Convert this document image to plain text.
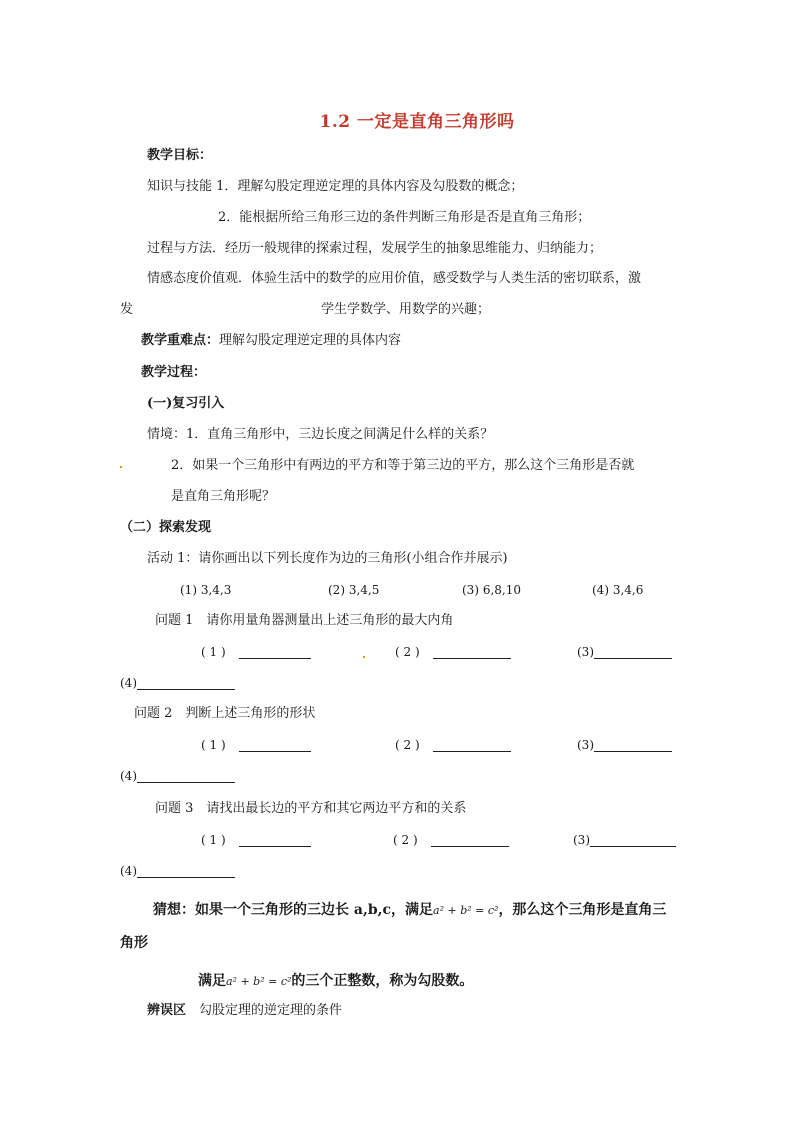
1.2 一定是直角三角形吗
教学目标：
知识与技能 1．理解勾股定理逆定理的具体内容及勾股数的概念；
2．能根据所给三角形三边的条件判断三角形是否是直角三角形；
过程与方法．经历一般规律的探索过程，发展学生的抽象思维能力、归纳能力；
情感态度价值观．体验生活中的数学的应用价值，感受数学与人类生活的密切联系，激
发	学生学数学、用数学的兴趣；
教学重难点：理解勾股定理逆定理的具体内容
教学过程：
(一)复习引入
情境：1．直角三角形中，三边长度之间满足什么样的关系？
2．如果一个三角形中有两边的平方和等于第三边的平方，那么这个三角形是否就
是直角三角形呢？
（二）探索发现
活动 1：请你画出以下列长度作为边的三角形(小组合作并展示)
(1) 3,4,3	(2) 3,4,5	(3) 6,8,10	(4) 3,4,6
问题 1　请你用量角器测量出上述三角形的最大内角
( 1 )	( 2 )	(3)
(4)
问题 2　判断上述三角形的形状
( 1 )	( 2 )	(3)
(4)
问题 3　请找出最长边的平方和其它两边平方和的关系
( 1 )	( 2 )	(3)
(4)
猜想：如果一个三角形的三边长 a,b,c，满足a² + b² = c²，那么这个三角形是直角三
角形
满足a² + b² = c²的三个正整数，称为勾股数。
辨误区　 勾股定理的逆定理的条件
